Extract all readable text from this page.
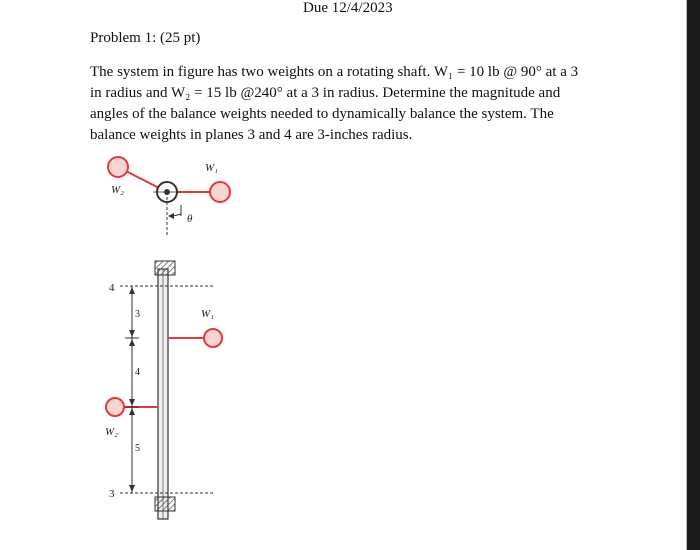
Due 12/4/2023
Problem 1: (25 pt)

The system in figure has two weights on a rotating shaft. W₁ = 10 lb @ 90° at a 3

in radius and W₂ = 15 lb @240° at a 3 in radius. Determine the magnitude and

angles of the balance weights needed to dynamically balance the system. The

balance weights in planes 3 and 4 are 3-inches radius.

W₁
W₂
θ
4
3
W₁
W₂
3
4
5
